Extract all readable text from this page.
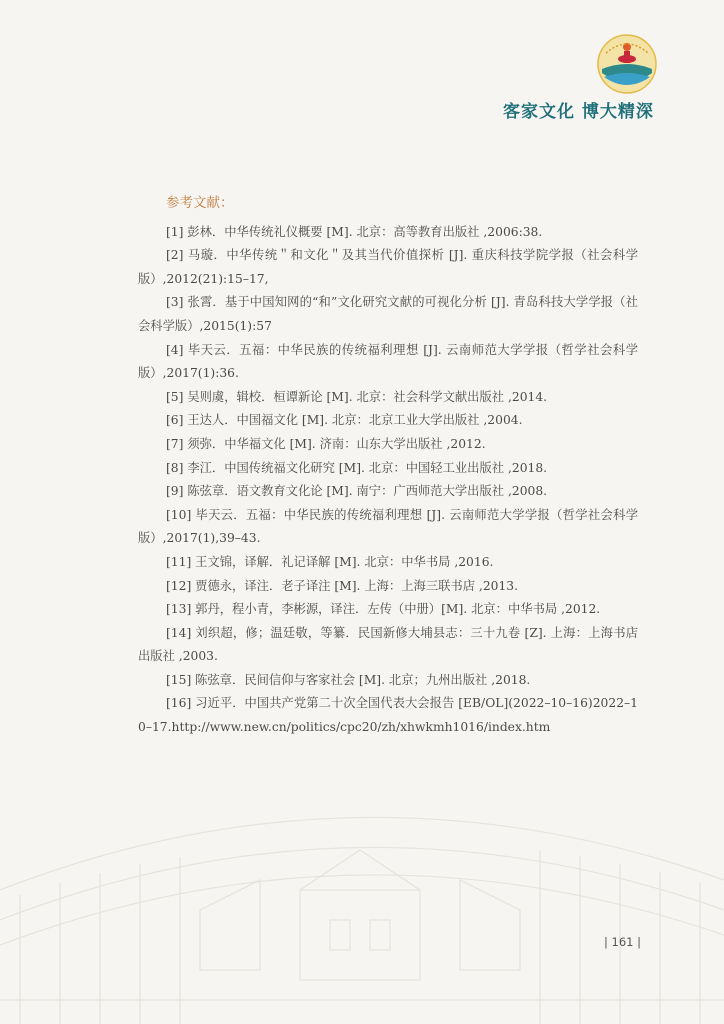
客家文化 博大精深
参考文献：
[1] 彭林．中华传统礼仪概要 [M]. 北京：高等教育出版社 ,2006:38.
[2] 马璇．中华传统＂和文化＂及其当代价值探析 [J]. 重庆科技学院学报（社会科学版）,2012(21):15–17,
[3] 张霄．基于中国知网的“和”文化研究文献的可视化分析 [J]. 青岛科技大学学报（社会科学版）,2015(1):57
[4] 毕天云．五福：中华民族的传统福利理想 [J]. 云南师范大学学报（哲学社会科学版）,2017(1):36.
[5] 吴则虞，辑校．桓谭新论 [M]. 北京：社会科学文献出版社 ,2014.
[6] 王达人．中国福文化 [M]. 北京：北京工业大学出版社 ,2004.
[7] 须弥．中华福文化 [M]. 济南：山东大学出版社 ,2012.
[8] 李江．中国传统福文化研究 [M]. 北京：中国轻工业出版社 ,2018.
[9] 陈弦章．语文教育文化论 [M]. 南宁：广西师范大学出版社 ,2008.
[10] 毕天云．五福：中华民族的传统福利理想 [J]. 云南师范大学学报（哲学社会科学版）,2017(1),39–43.
[11] 王文锦，译解．礼记译解 [M]. 北京：中华书局 ,2016.
[12] 贾德永，译注．老子译注 [M]. 上海：上海三联书店 ,2013.
[13] 郭丹，程小青，李彬源，译注．左传（中册）[M]. 北京：中华书局 ,2012.
[14] 刘织超，修；温廷敬，等纂．民国新修大埔县志：三十九卷 [Z]. 上海：上海书店出版社 ,2003.
[15] 陈弦章．民间信仰与客家社会 [M]. 北京；九州出版社 ,2018.
[16] 习近平．中国共产党第二十次全国代表大会报告 [EB/OL](2022–10–16)2022–10–17.http://www.new.cn/politics/cpc20/zh/xhwkmh1016/index.htm
| 161 |
